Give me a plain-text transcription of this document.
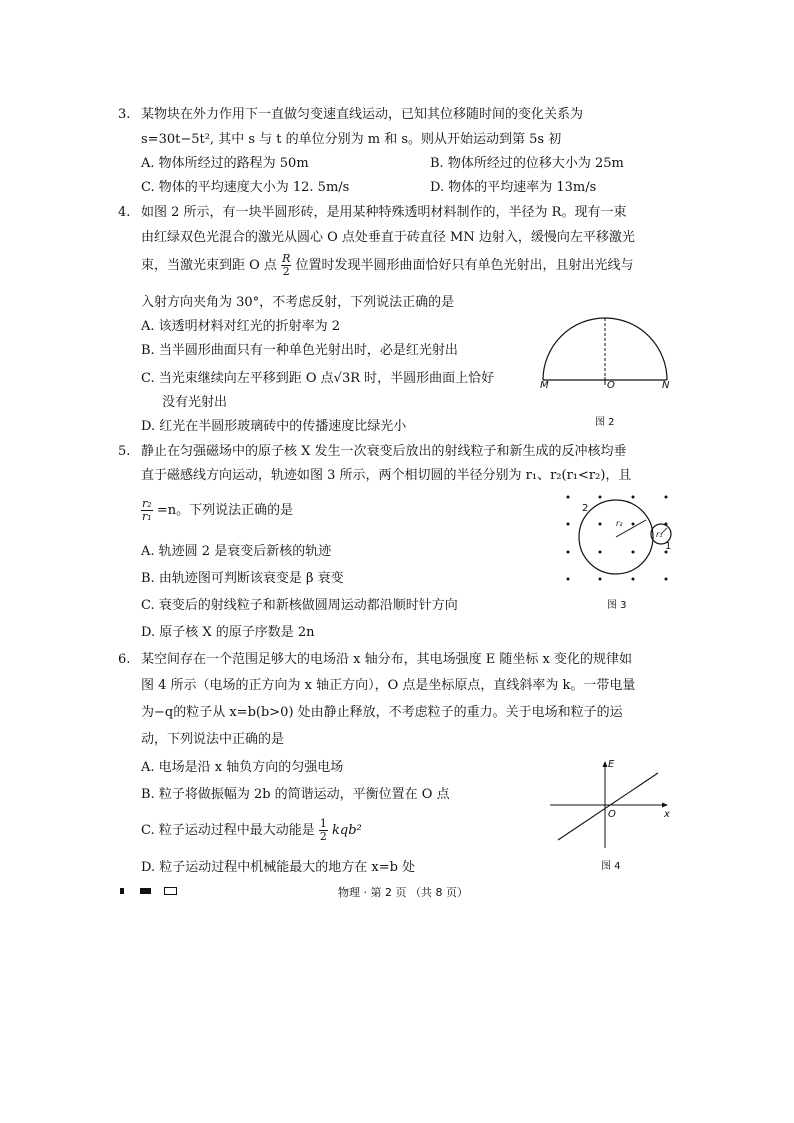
3. 某物块在外力作用下一直做匀变速直线运动，已知其位移随时间的变化关系为
s=30t−5t², 其中 s 与 t 的单位分别为 m 和 s。则从开始运动到第 5s 初
A. 物体所经过的路程为 50m	B. 物体所经过的位移大小为 25m
C. 物体的平均速度大小为 12. 5m/s	D. 物体的平均速率为 13m/s
4. 如图 2 所示，有一块半圆形砖，是用某种特殊透明材料制作的，半径为 R。现有一束
由红绿双色光混合的激光从圆心 O 点处垂直于砖直径 MN 边射入，缓慢向左平移激光
束，当激光束到距 O 点 $\frac{R}{2}$ 位置时发现半圆形曲面恰好只有单色光射出，且射出光线与
入射方向夹角为 30°，不考虑反射，下列说法正确的是
A. 该透明材料对红光的折射率为 2
B. 当半圆形曲面只有一种单色光射出时，必是红光射出
C. 当光束继续向左平移到距 O 点√3R 时，半圆形曲面上恰好
没有光射出
D. 红光在半圆形玻璃砖中的传播速度比绿光小
M	O	N
图 2
5. 静止在匀强磁场中的原子核 X 发生一次衰变后放出的射线粒子和新生成的反冲核均垂
直于磁感线方向运动，轨迹如图 3 所示，两个相切圆的半径分别为 r₁、r₂(r₁<r₂)，且
$\frac{\text{r₂}}{\text{r₁}} =n$。下列说法正确的是
A. 轨迹圆 2 是衰变后新核的轨迹
B. 由轨迹图可判断该衰变是 β 衰变
C. 衰变后的射线粒子和新核做圆周运动都沿顺时针方向
D. 原子核 X 的原子序数是 2n
2
r₂
r₁
1
图 3
6. 某空间存在一个范围足够大的电场沿 x 轴分布，其电场强度 E 随坐标 x 变化的规律如
图 4 所示（电场的正方向为 x 轴正方向），O 点是坐标原点，直线斜率为 k。一带电量
为−q的粒子从 x=b(b>0) 处由静止释放，不考虑粒子的重力。关于电场和粒子的运
动，下列说法中正确的是
A. 电场是沿 x 轴负方向的匀强电场
B. 粒子将做振幅为 2b 的简谐运动，平衡位置在 O 点
C. 粒子运动过程中最大动能是 $\frac{1}{2} kqb^2$
D. 粒子运动过程中机械能最大的地方在 x=b 处
E
O	x
图 4
物理 · 第 2 页 （共 8 页）
